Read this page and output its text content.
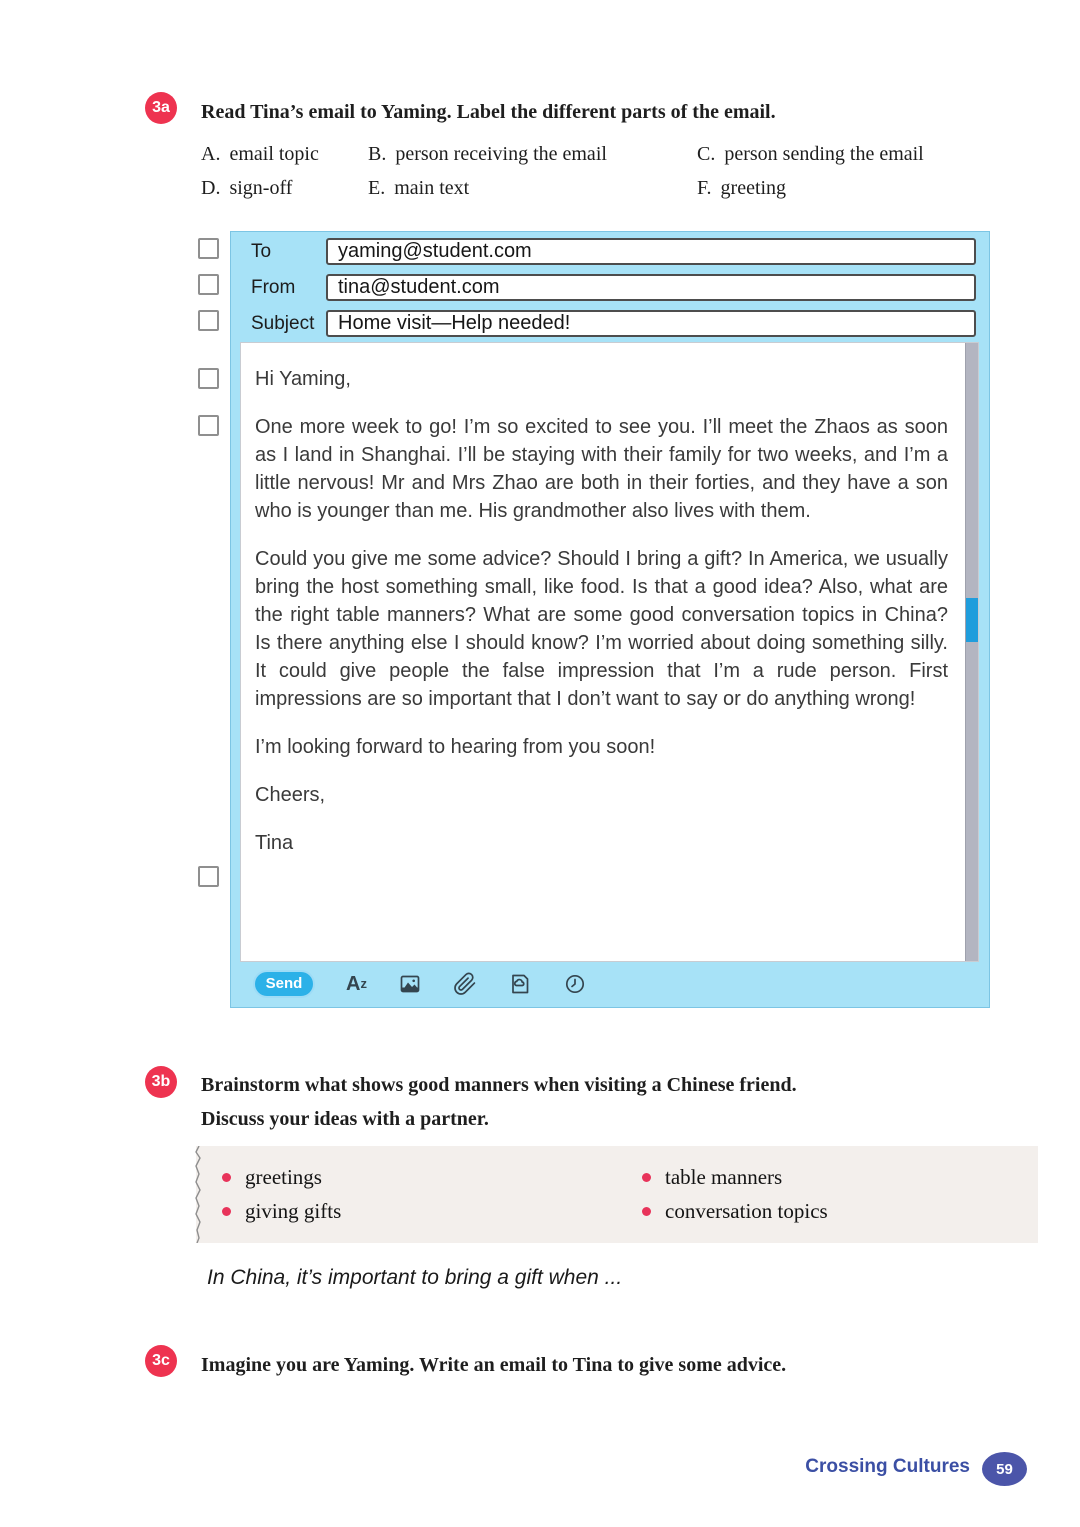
3a	Read Tina’s email to Yaming. Label the different parts of the email.
A. email topic	B. person receiving the email	C. person sending the email
D. sign-off	E. main text	F. greeting
To
yaming@student.com
From
tina@student.com
Subject
Home visit—Help needed!

Hi Yaming,

One more week to go! I’m so excited to see you. I’ll meet the Zhaos as soon as I land in Shanghai. I’ll be staying with their family for two weeks, and I’m a little nervous! Mr and Mrs Zhao are both in their forties, and they have a son who is younger than me. His grandmother also lives with them.

Could you give me some advice? Should I bring a gift? In America, we usually bring the host something small, like food. Is that a good idea? Also, what are the right table manners? What are some good conversation topics in China? Is there anything else I should know? I’m worried about doing something silly. It could give people the false impression that I’m a rude person. First impressions are so important that I don’t want to say or do anything wrong!

I’m looking forward to hearing from you soon!

Cheers,

Tina

Send	A z
3b	Brainstorm what shows good manners when visiting a Chinese friend.
Discuss your ideas with a partner.
greetings
giving gifts
table manners
conversation topics
In China, it’s important to bring a gift when ...
3c	Imagine you are Yaming. Write an email to Tina to give some advice.
Crossing Cultures	59
